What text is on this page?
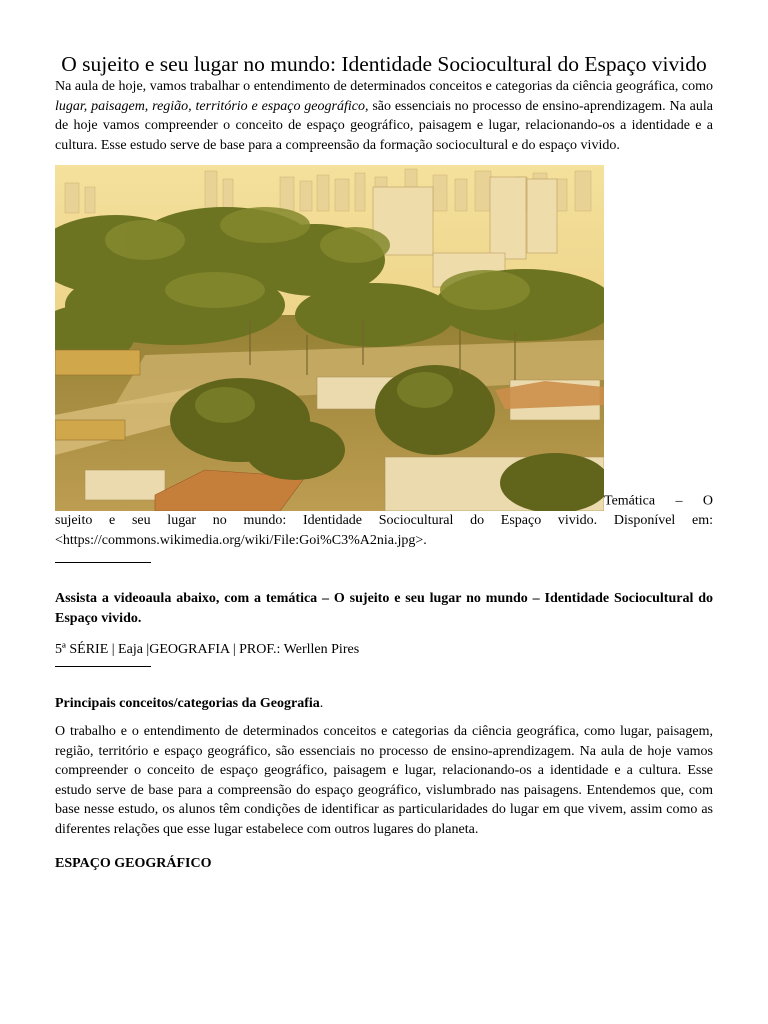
O sujeito e seu lugar no mundo: Identidade Sociocultural do Espaço vivido

Na aula de hoje, vamos trabalhar o entendimento de determinados conceitos e categorias da ciência geográfica, como lugar, paisagem, região, território e espaço geográfico, são essenciais no processo de ensino-aprendizagem. Na aula de hoje vamos compreender o conceito de espaço geográfico, paisagem e lugar, relacionando-os a identidade e a cultura. Esse estudo serve de base para a compreensão da formação sociocultural e do espaço vivido.

Temática – O sujeito e seu lugar no mundo: Identidade Sociocultural do Espaço vivido. Disponível em: <https://commons.wikimedia.org/wiki/File:Goi%C3%A2nia.jpg>.

Assista a videoaula abaixo, com a temática – O sujeito e seu lugar no mundo – Identidade Sociocultural do Espaço vivido.

5ª SÉRIE | Eaja |GEOGRAFIA | PROF.: Werllen Pires

Principais conceitos/categorias da Geografia.

O trabalho e o entendimento de determinados conceitos e categorias da ciência geográfica, como lugar, paisagem, região, território e espaço geográfico, são essenciais no processo de ensino-aprendizagem. Na aula de hoje vamos compreender o conceito de espaço geográfico, paisagem e lugar, relacionando-os a identidade e a cultura. Esse estudo serve de base para a compreensão do espaço geográfico, vislumbrado nas paisagens. Entendemos que, com base nesse estudo, os alunos têm condições de identificar as particularidades do lugar em que vivem, assim como as diferentes relações que esse lugar estabelece com outros lugares do planeta.

ESPAÇO GEOGRÁFICO
